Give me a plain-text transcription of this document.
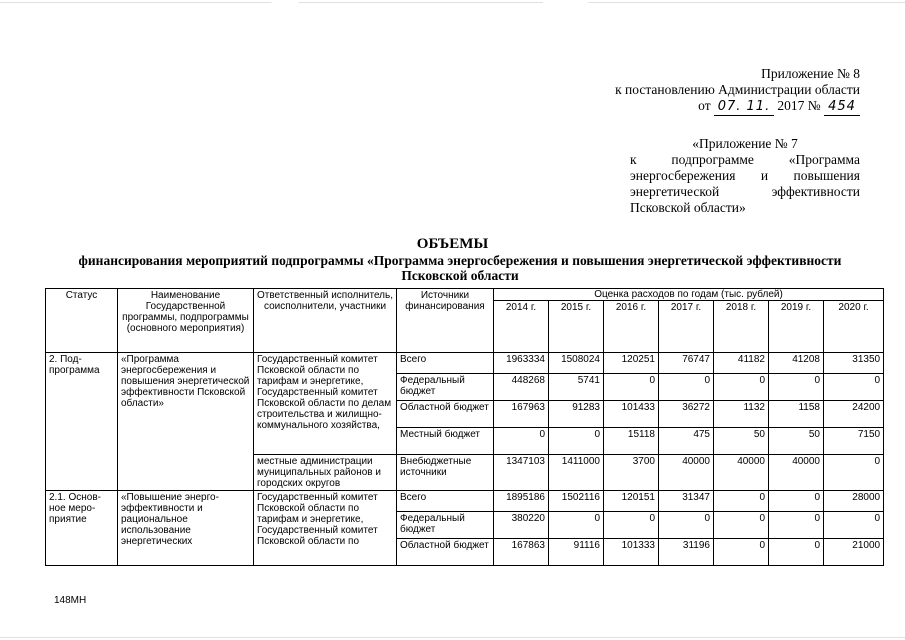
Приложение № 8
к постановлению Администрации области
от 07. 11. 2017 № 454
«Приложение № 7
к подпрограмме «Программа
энергосбережения и повышения
энергетической эффективности
Псковской области»
ОБЪЕМЫ
финансирования мероприятий подпрограммы «Программа энергосбережения и повышения энергетической эффективности Псковской области
Статус	Наименование Государственной программы, подпрограммы (основного мероприятия)	Ответственный исполнитель, соисполнители, участники	Источники финансирования	Оценка расходов по годам (тыс. рублей)						
				2014 г.	2015 г.	2016 г.	2017 г.	2018 г.	2019 г.	2020 г.
2. Под-программа	«Программа энергосбережения и повышения энергетической эффективности Псковской области»	Государственный комитет Псковской области по тарифам и энергетике, Государственный комитет Псковской области по делам строительства и жилищно-коммунального хозяйства,	Всего	1963334	1508024	120251	76747	41182	41208	31350
			Федеральный бюджет	448268	5741	0	0	0	0	0
			Областной бюджет	167963	91283	101433	36272	1132	1158	24200
			Местный бюджет	0	0	15118	475	50	50	7150
		местные администрации муниципальных районов и городских округов	Внебюджетные источники	1347103	1411000	3700	40000	40000	40000	0
2.1. Основ-ное меро-приятие	«Повышение энерго-эффективности и рациональное использование энергетических	Государственный комитет Псковской области по тарифам и энергетике, Государственный комитет Псковской области по	Всего	1895186	1502116	120151	31347	0	0	28000
			Федеральный бюджет	380220	0	0	0	0	0	0
			Областной бюджет	167863	91116	101333	31196	0	0	21000
148МН
